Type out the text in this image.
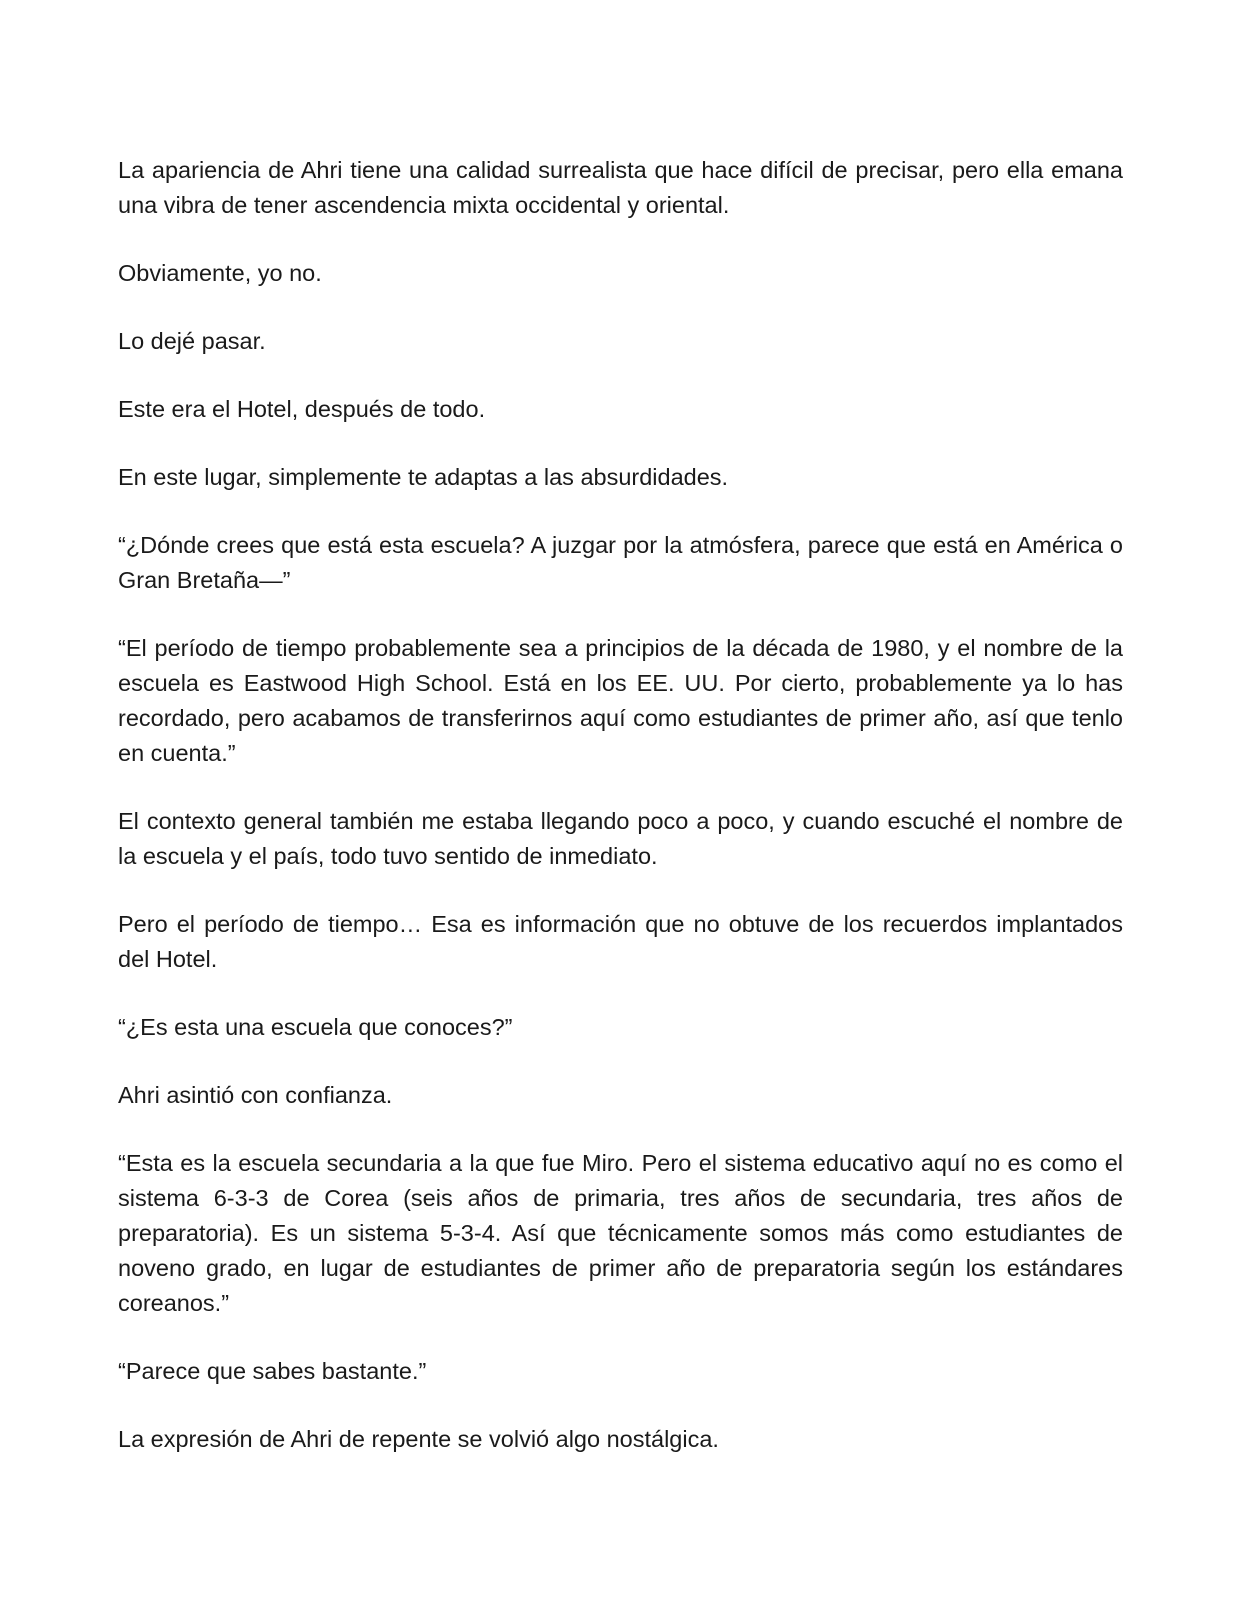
La apariencia de Ahri tiene una calidad surrealista que hace difícil de precisar, pero ella emana una vibra de tener ascendencia mixta occidental y oriental.

Obviamente, yo no.

Lo dejé pasar.

Este era el Hotel, después de todo.

En este lugar, simplemente te adaptas a las absurdidades.

“¿Dónde crees que está esta escuela? A juzgar por la atmósfera, parece que está en América o Gran Bretaña—”

“El período de tiempo probablemente sea a principios de la década de 1980, y el nombre de la escuela es Eastwood High School. Está en los EE. UU. Por cierto, probablemente ya lo has recordado, pero acabamos de transferirnos aquí como estudiantes de primer año, así que tenlo en cuenta.”

El contexto general también me estaba llegando poco a poco, y cuando escuché el nombre de la escuela y el país, todo tuvo sentido de inmediato.

Pero el período de tiempo… Esa es información que no obtuve de los recuerdos implantados del Hotel.

“¿Es esta una escuela que conoces?”

Ahri asintió con confianza.

“Esta es la escuela secundaria a la que fue Miro. Pero el sistema educativo aquí no es como el sistema 6-3-3 de Corea (seis años de primaria, tres años de secundaria, tres años de preparatoria). Es un sistema 5-3-4. Así que técnicamente somos más como estudiantes de noveno grado, en lugar de estudiantes de primer año de preparatoria según los estándares coreanos.”

“Parece que sabes bastante.”

La expresión de Ahri de repente se volvió algo nostálgica.
